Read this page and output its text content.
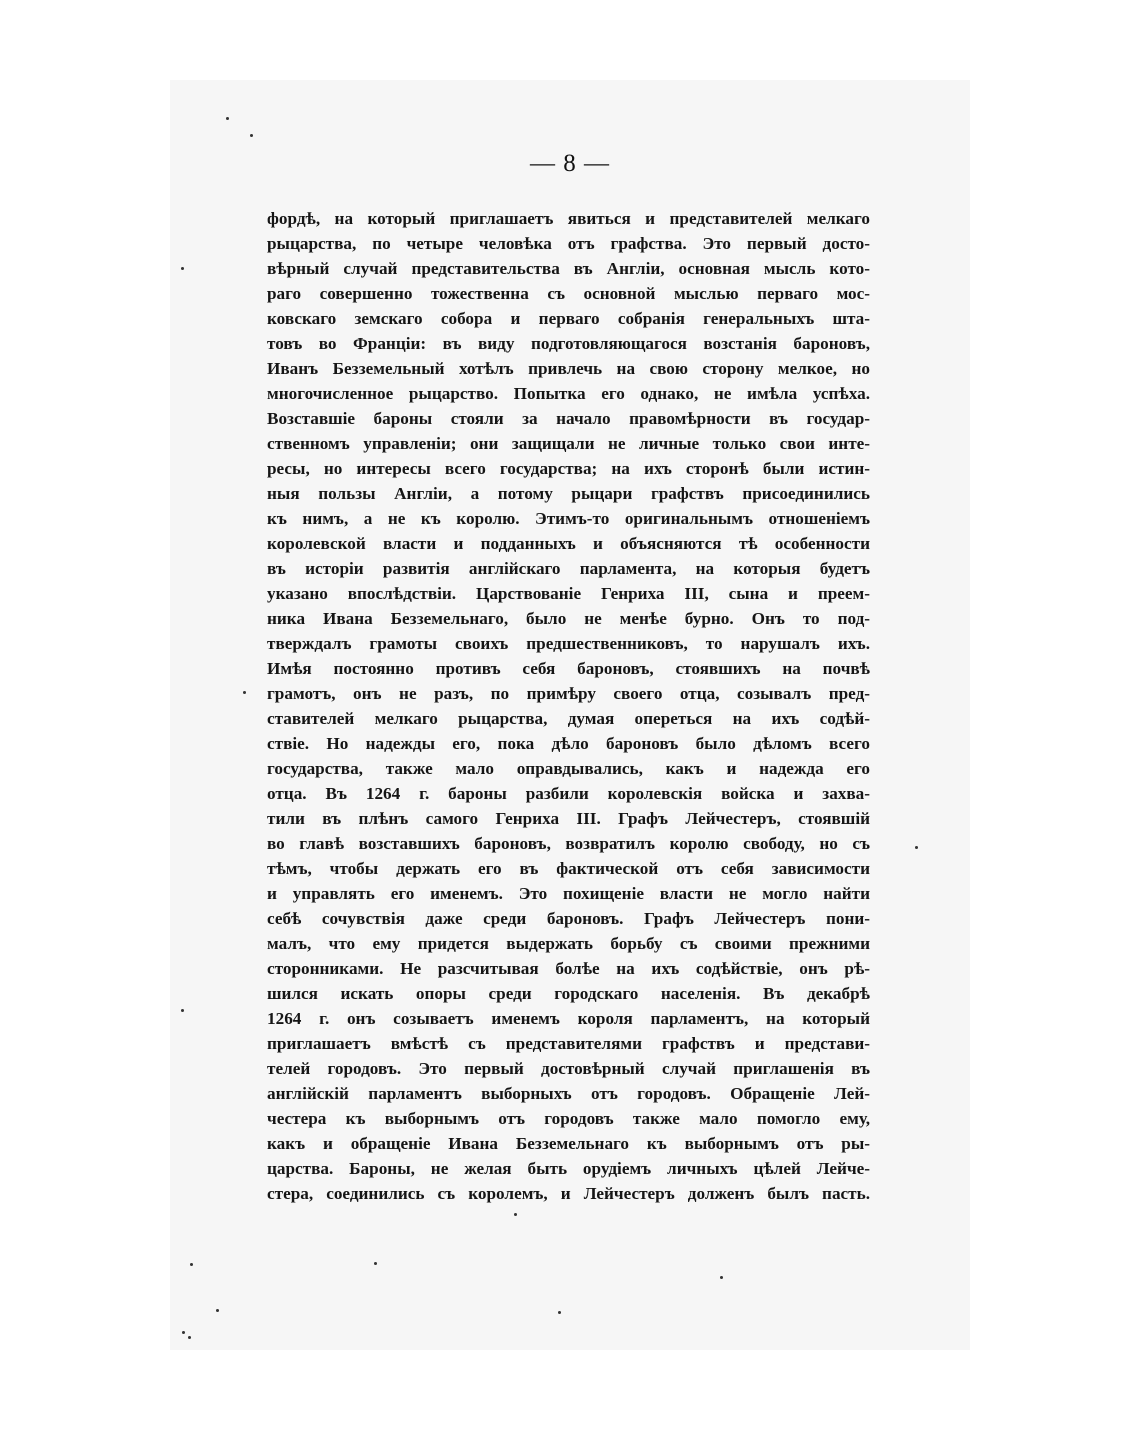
— 8 —
фордѣ, на который приглашаетъ явиться и представителей мелкаго
рыцарства, по четыре человѣка отъ графства. Это первый досто-
вѣрный случай представительства въ Англіи, основная мысль кото-
раго совершенно тожественна съ основной мыслью перваго мос-
ковскаго земскаго собора и перваго собранія генеральныхъ шта-
товъ во Франціи: въ виду подготовляющагося возстанія бароновъ,
Иванъ Безземельный хотѣлъ привлечь на свою сторону мелкое, но
многочисленное рыцарство. Попытка его однако, не имѣла успѣха.
Возставшіе бароны стояли за начало правомѣрности въ государ-
ственномъ управленіи; они защищали не личные только свои инте-
ресы, но интересы всего государства; на ихъ сторонѣ были истин-
ныя пользы Англіи, а потому рыцари графствъ присоединились
къ нимъ, а не къ королю. Этимъ-то оригинальнымъ отношеніемъ
королевской власти и подданныхъ и объясняются тѣ особенности
въ исторіи развитія англійскаго парламента, на которыя будетъ
указано впослѣдствіи. Царствованіе Генриха III, сына и преем-
ника Ивана Безземельнаго, было не менѣе бурно. Онъ то под-
тверждалъ грамоты своихъ предшественниковъ, то нарушалъ ихъ.
Имѣя постоянно противъ себя бароновъ, стоявшихъ на почвѣ
грамотъ, онъ не разъ, по примѣру своего отца, созывалъ пред-
ставителей мелкаго рыцарства, думая опереться на ихъ содѣй-
ствіе. Но надежды его, пока дѣло бароновъ было дѣломъ всего
государства, также мало оправдывались, какъ и надежда его
отца. Въ 1264 г. бароны разбили королевскія войска и захва-
тили въ плѣнъ самого Генриха III. Графъ Лейчестеръ, стоявшій
во главѣ возставшихъ бароновъ, возвратилъ королю свободу, но съ
тѣмъ, чтобы держать его въ фактической отъ себя зависимости
и управлять его именемъ. Это похищеніе власти не могло найти
себѣ сочувствія даже среди бароновъ. Графъ Лейчестеръ пони-
малъ, что ему придется выдержать борьбу съ своими прежними
сторонниками. Не разсчитывая болѣе на ихъ содѣйствіе, онъ рѣ-
шился искать опоры среди городскаго населенія. Въ декабрѣ
1264 г. онъ созываетъ именемъ короля парламентъ, на который
приглашаетъ вмѣстѣ съ представителями графствъ и представи-
телей городовъ. Это первый достовѣрный случай приглашенія въ
англійскій парламентъ выборныхъ отъ городовъ. Обращеніе Лей-
честера къ выборнымъ отъ городовъ также мало помогло ему,
какъ и обращеніе Ивана Безземельнаго къ выборнымъ отъ ры-
царства. Бароны, не желая быть орудіемъ личныхъ цѣлей Лейче-
стера, соединились съ королемъ, и Лейчестеръ долженъ былъ пасть.
